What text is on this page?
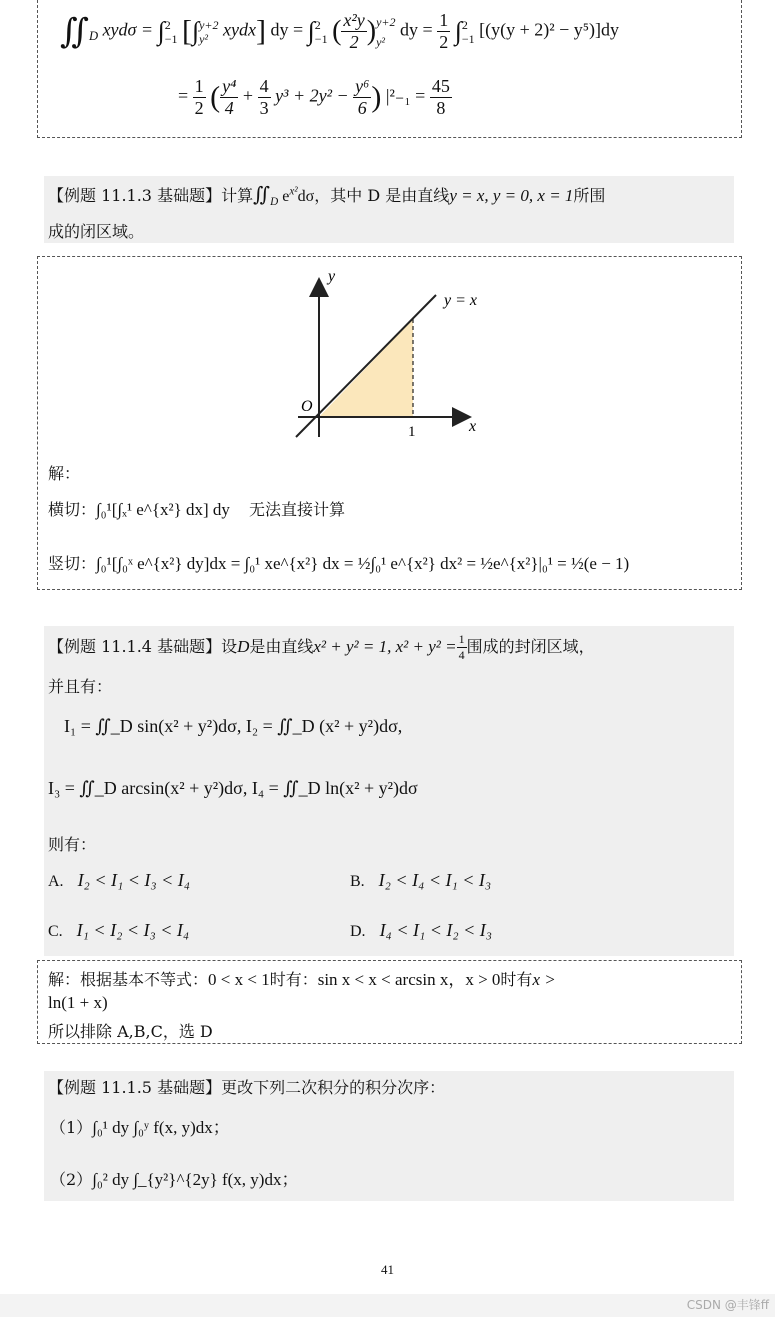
$∬_D$ xydσ = ∫ 2
−1 [∫ y+2
y² xydx] dy = ∫ 2
−1 ( $\frac{\text{x²y}}{2}$ ) y+2
y²
dy = $\frac{1}{2}$ ∫ 2
−1 [(y(y + 2)² − y⁵)]dy
= $\frac{1}{2}$ ( $\frac{\text{y⁴}}{4} + \frac{4}{3} y^3 + 2y^2 - \frac{\text{y⁶}}{6}$ ) $|^2_{-1} = \frac{45}{8}$
【例题 11.1.3 基础题】计算$∬_D$ $e^{x^2}d\sigma$，其中 D 是由直线y = x, y = 0, x = 1所围
成的闭区域。
y
x
O
1
y = x
解：
横切：∫₀¹[∫ₓ¹ e^{x²} dx] dy 无法直接计算
竖切：∫₀¹[∫₀ˣ e^{x²} dy]dx = ∫₀¹ xe^{x²} dx = ½∫₀¹ e^{x²} dx² = ½e^{x²}|₀¹ = ½(e − 1)
【例题 11.1.4 基础题】设D是由直线x² + y² = 1, $x^2 + y^2 = \frac{1}{4}$ 围成的封闭区域，
并且有：
I₁ = ∬_D sin(x² + y²)dσ, I₂ = ∬_D (x² + y²)dσ,
I₃ = ∬_D arcsin(x² + y²)dσ, I₄ = ∬_D ln(x² + y²)dσ
则有：
A. I₂ < I₁ < I₃ < I₄	B. I₂ < I₄ < I₁ < I₃
C. I₁ < I₂ < I₃ < I₄	D. I₄ < I₁ < I₂ < I₃
解：根据基本不等式：0 < x < 1时有：sin x < x < arcsin x，x > 0时有x >
ln(1 + x)
所以排除 A,B,C，选 D
【例题 11.1.5 基础题】更改下列二次积分的积分次序：
（1）∫₀¹ dy ∫₀ʸ f(x, y)dx；
（2）∫₀² dy ∫_{y²}^{2y} f(x, y)dx；
41
CSDN @丰锋ff
